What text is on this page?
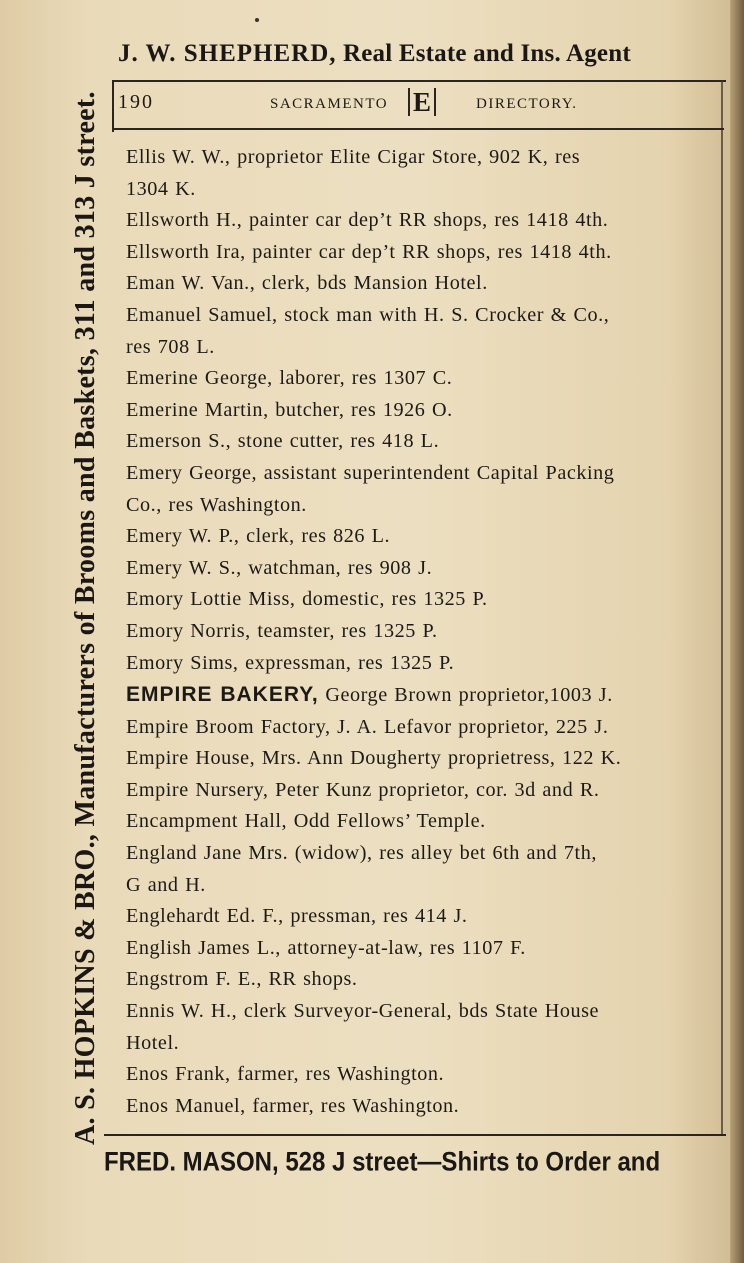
J. W. SHEPHERD, Real Estate and Ins. Agent
A. S. HOPKINS & BRO., Manufacturers of Brooms and Baskets, 311 and 313 J street. 190	SACRAMENTO E	DIRECTORY.
Ellis W. W., proprietor Elite Cigar Store, 902 K, res
1304 K.
Ellsworth H., painter car dep’t RR shops, res 1418 4th.
Ellsworth Ira, painter car dep’t RR shops, res 1418 4th.
Eman W. Van., clerk, bds Mansion Hotel.
Emanuel Samuel, stock man with H. S. Crocker & Co.,
res 708 L.
Emerine George, laborer, res 1307 C.
Emerine Martin, butcher, res 1926 O.
Emerson S., stone cutter, res 418 L.
Emery George, assistant superintendent Capital Packing
Co., res Washington.
Emery W. P., clerk, res 826 L.
Emery W. S., watchman, res 908 J.
Emory Lottie Miss, domestic, res 1325 P.
Emory Norris, teamster, res 1325 P.
Emory Sims, expressman, res 1325 P.
EMPIRE BAKERY, George Brown proprietor,1003 J.
Empire Broom Factory, J. A. Lefavor proprietor, 225 J.
Empire House, Mrs. Ann Dougherty proprietress, 122 K.
Empire Nursery, Peter Kunz proprietor, cor. 3d and R.
Encampment Hall, Odd Fellows’ Temple.
England Jane Mrs. (widow), res alley bet 6th and 7th,
G and H.
Englehardt Ed. F., pressman, res 414 J.
English James L., attorney-at-law, res 1107 F.
Engstrom F. E., RR shops.
Ennis W. H., clerk Surveyor-General, bds State House
Hotel.
Enos Frank, farmer, res Washington.
Enos Manuel, farmer, res Washington.
FRED. MASON, 528 J street—Shirts to Order and
